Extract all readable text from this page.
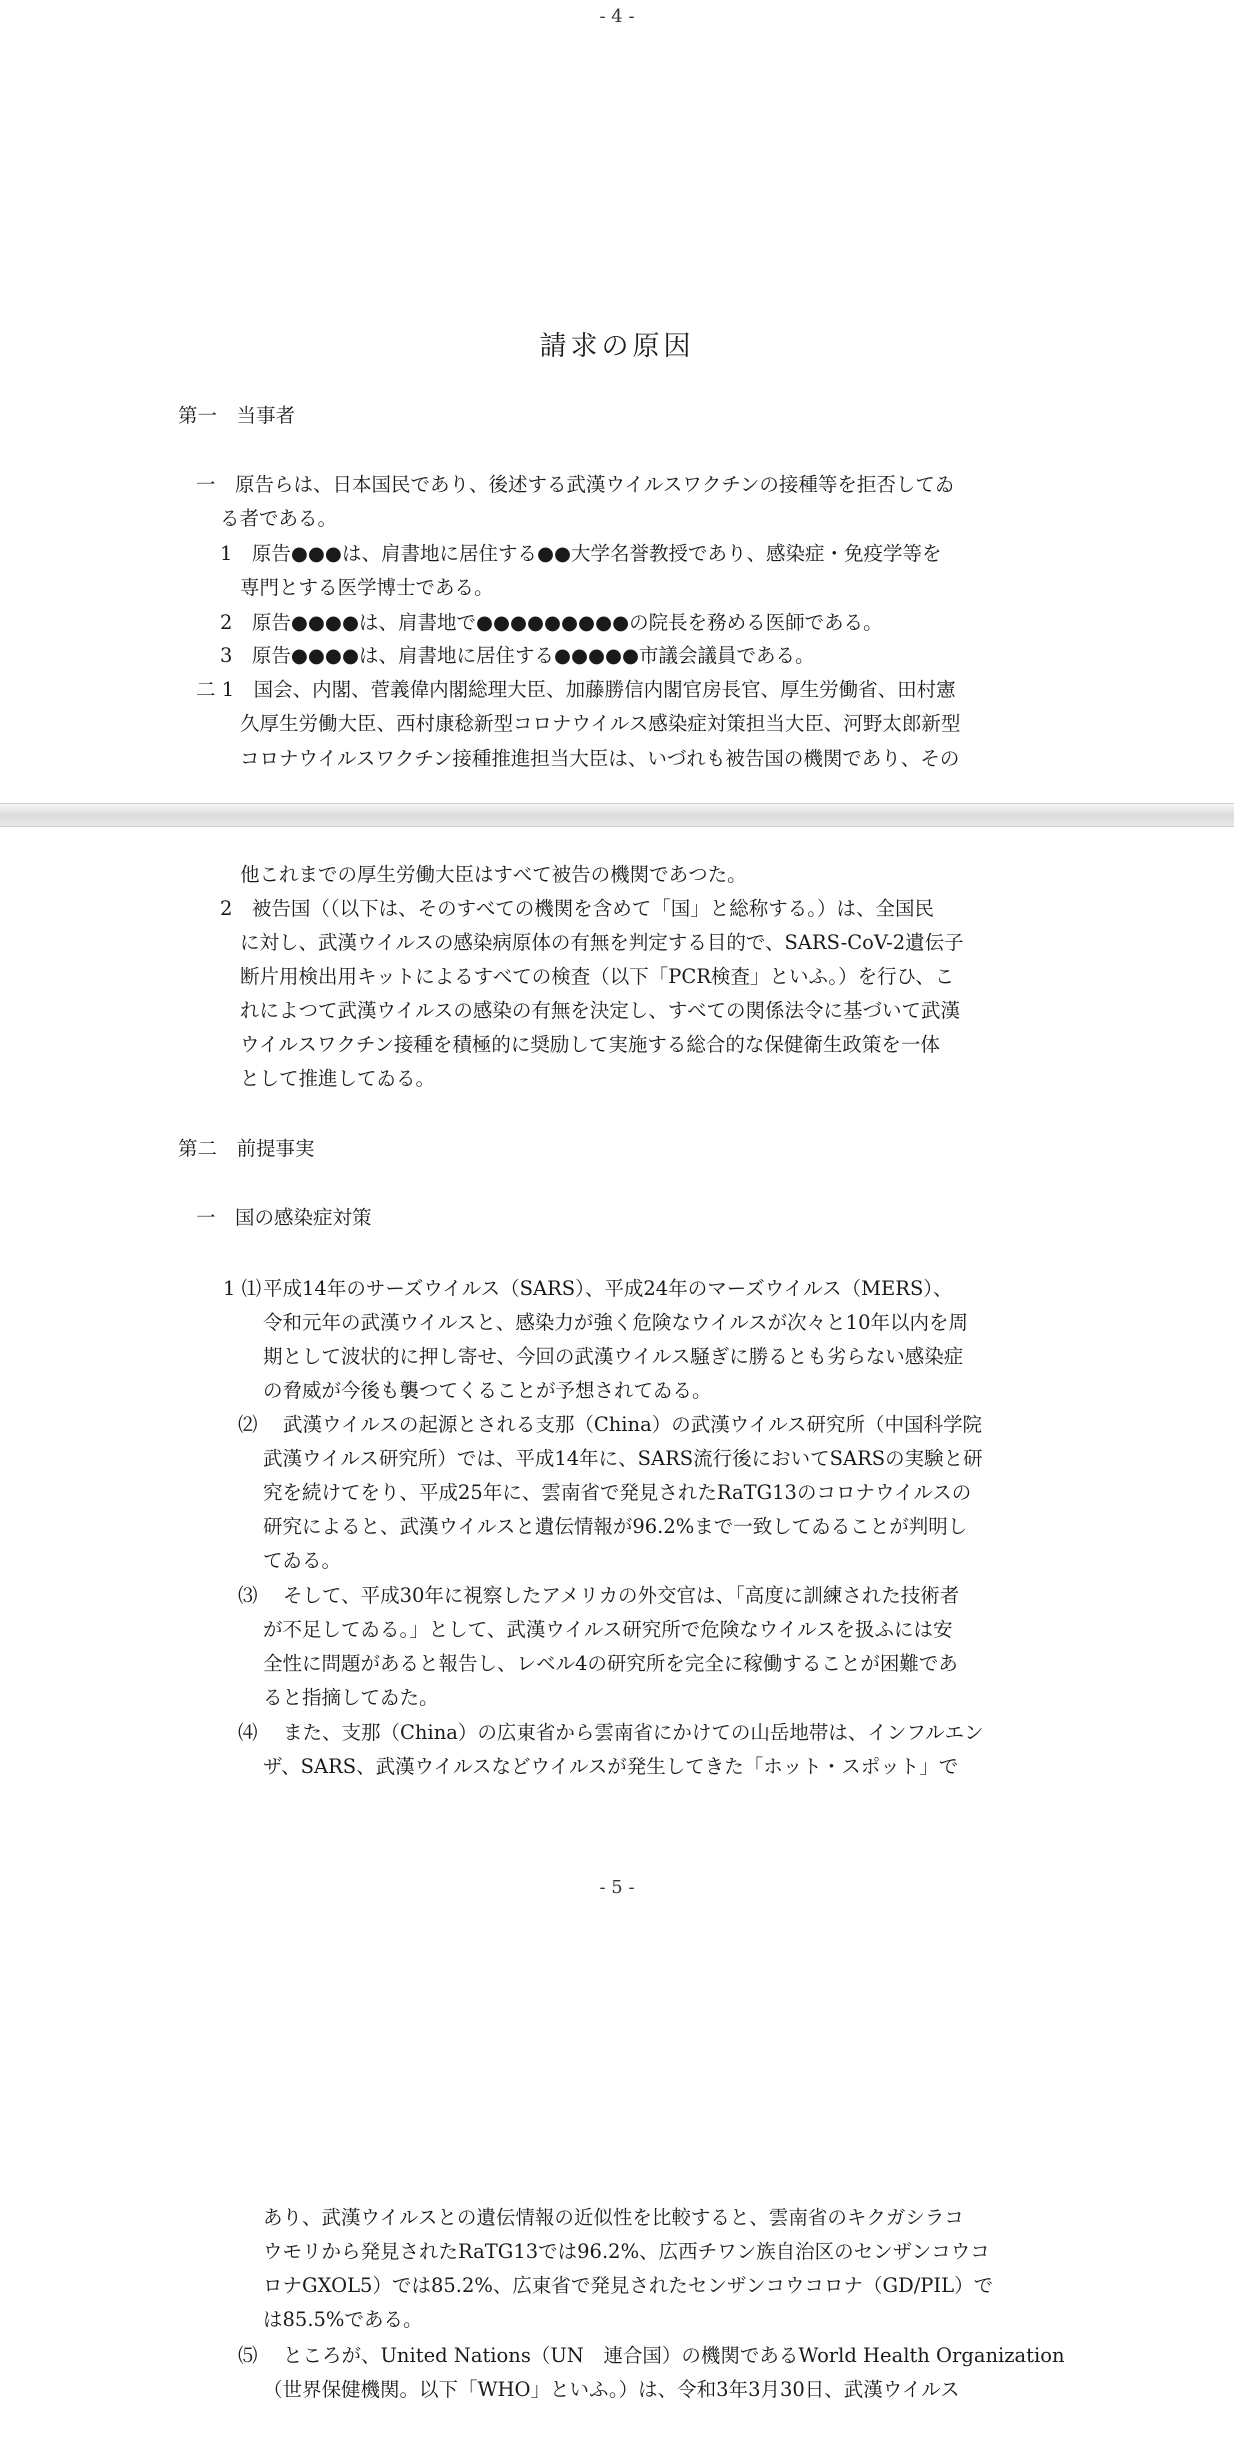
- 4 -
請求の原因
第一　当事者
一　原告らは、日本国民であり、後述する武漢ウイルスワクチンの接種等を拒否してゐ
る者である。
1　原告●●●は、肩書地に居住する●●大学名誉教授であり、感染症・免疫学等を
専門とする医学博士である。
2　原告●●●●は、肩書地で●●●●●●●●●の院長を務める医師である。
3　原告●●●●は、肩書地に居住する●●●●●市議会議員である。
二 1　国会、内閣、菅義偉内閣総理大臣、加藤勝信内閣官房長官、厚生労働省、田村憲
久厚生労働大臣、西村康稔新型コロナウイルス感染症対策担当大臣、河野太郎新型
コロナウイルスワクチン接種推進担当大臣は、いづれも被告国の機関であり、その
他これまでの厚生労働大臣はすべて被告の機関であつた。
2　被告国（（以下は、そのすべての機関を含めて「国」と総称する。）は、全国民
に対し、武漢ウイルスの感染病原体の有無を判定する目的で、SARS-CoV-2遺伝子
断片用検出用キットによるすべての検査（以下「PCR検査」といふ。）を行ひ、こ
れによつて武漢ウイルスの感染の有無を決定し、すべての関係法令に基づいて武漢
ウイルスワクチン接種を積極的に奨励して実施する総合的な保健衛生政策を一体
として推進してゐる。
第二　前提事実
一　国の感染症対策
1 ⑴ 平成14年のサーズウイルス（SARS）、平成24年のマーズウイルス（MERS）、
令和元年の武漢ウイルスと、感染力が強く危険なウイルスが次々と10年以内を周
期として波状的に押し寄せ、今回の武漢ウイルス騒ぎに勝るとも劣らない感染症
の脅威が今後も襲つてくることが予想されてゐる。
⑵ 武漢ウイルスの起源とされる支那（China）の武漢ウイルス研究所（中国科学院
武漢ウイルス研究所）では、平成14年に、SARS流行後においてSARSの実験と研
究を続けてをり、平成25年に、雲南省で発見されたRaTG13のコロナウイルスの
研究によると、武漢ウイルスと遺伝情報が96.2%まで一致してゐることが判明し
てゐる。
⑶ そして、平成30年に視察したアメリカの外交官は、「高度に訓練された技術者
が不足してゐる。」として、武漢ウイルス研究所で危険なウイルスを扱ふには安
全性に問題があると報告し、レベル4の研究所を完全に稼働することが困難であ
ると指摘してゐた。
⑷ また、支那（China）の広東省から雲南省にかけての山岳地帯は、インフルエン
ザ、SARS、武漢ウイルスなどウイルスが発生してきた「ホット・スポット」で
- 5 -
あり、武漢ウイルスとの遺伝情報の近似性を比較すると、雲南省のキクガシラコ
ウモリから発見されたRaTG13では96.2%、広西チワン族自治区のセンザンコウコ
ロナGXOL5）では85.2%、広東省で発見されたセンザンコウコロナ（GD/PIL）で
は85.5%である。
⑸ ところが、United Nations（UN　連合国）の機関であるWorld Health Organization
（世界保健機関。以下「WHO」といふ。）は、令和3年3月30日、武漢ウイルス
